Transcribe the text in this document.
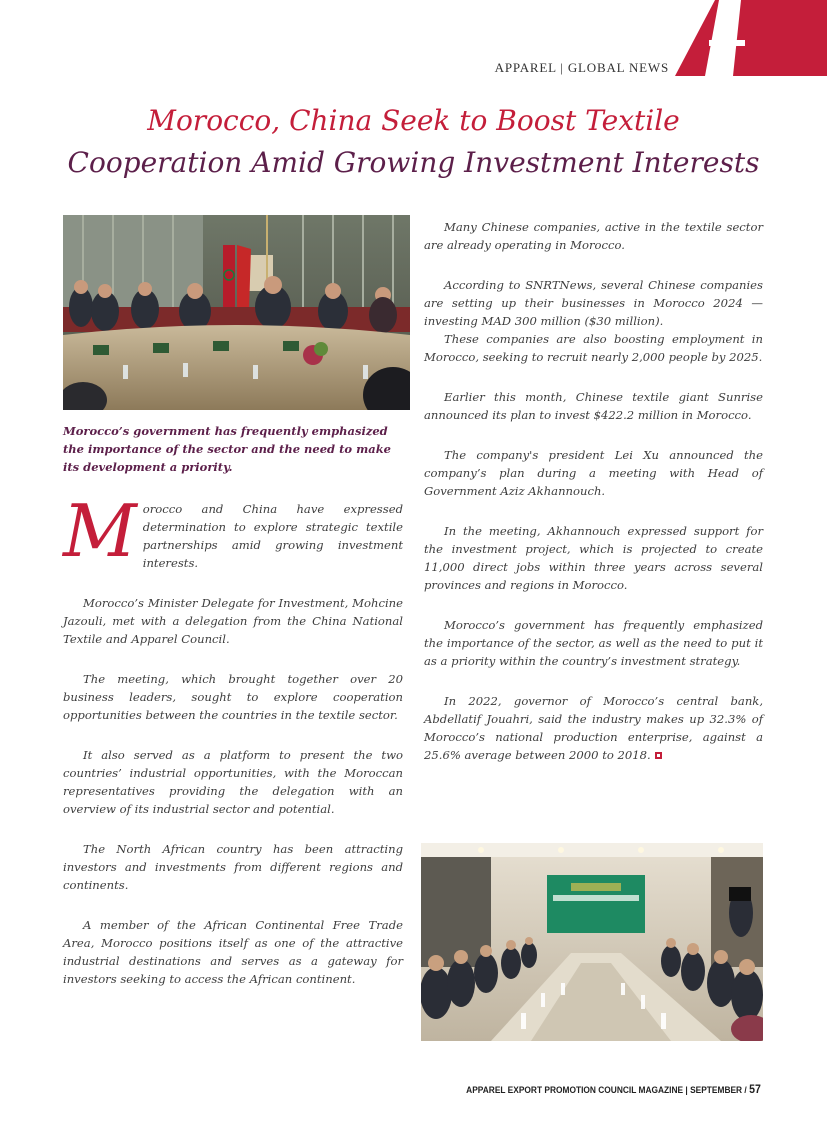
APPAREL | GLOBAL NEWS
Morocco, China Seek to Boost Textile
Cooperation Amid Growing Investment Interests

Morocco’s government has frequently emphasized the importance of the sector and the need to make its development a priority.

Morocco and China have expressed determination to explore strategic textile partnerships amid growing investment interests.

Morocco’s Minister Delegate for Investment, Mohcine Jazouli, met with a delegation from the China National Textile and Apparel Council.

The meeting, which brought together over 20 business leaders, sought to explore cooperation opportunities between the countries in the textile sector.

It also served as a platform to present the two countries’ industrial opportunities, with the Moroccan representatives providing the delegation with an overview of its industrial sector and potential.

The North African country has been attracting investors and investments from different regions and continents.

A member of the African Continental Free Trade Area, Morocco positions itself as one of the attractive industrial destinations and serves as a gateway for investors seeking to access the African continent.

Many Chinese companies, active in the textile sector are already operating in Morocco.

According to SNRTNews, several Chinese companies are setting up their businesses in Morocco 2024 — investing MAD 300 million ($30 million).

These companies are also boosting employment in Morocco, seeking to recruit nearly 2,000 people by 2025.

Earlier this month, Chinese textile giant Sunrise announced its plan to invest $422.2 million in Morocco.

The company's president Lei Xu announced the company’s plan during a meeting with Head of Government Aziz Akhannouch.

In the meeting, Akhannouch expressed support for the investment project, which is projected to create 11,000 direct jobs within three years across several provinces and regions in Morocco.

Morocco’s government has frequently emphasized the importance of the sector, as well as the need to put it as a priority within the country’s investment strategy.

In 2022, governor of Morocco’s central bank, Abdellatif Jouahri, said the industry makes up 32.3% of Morocco’s national production enterprise, against a 25.6% average between 2000 to 2018.

APPAREL EXPORT PROMOTION COUNCIL MAGAZINE | SEPTEMBER / 57
